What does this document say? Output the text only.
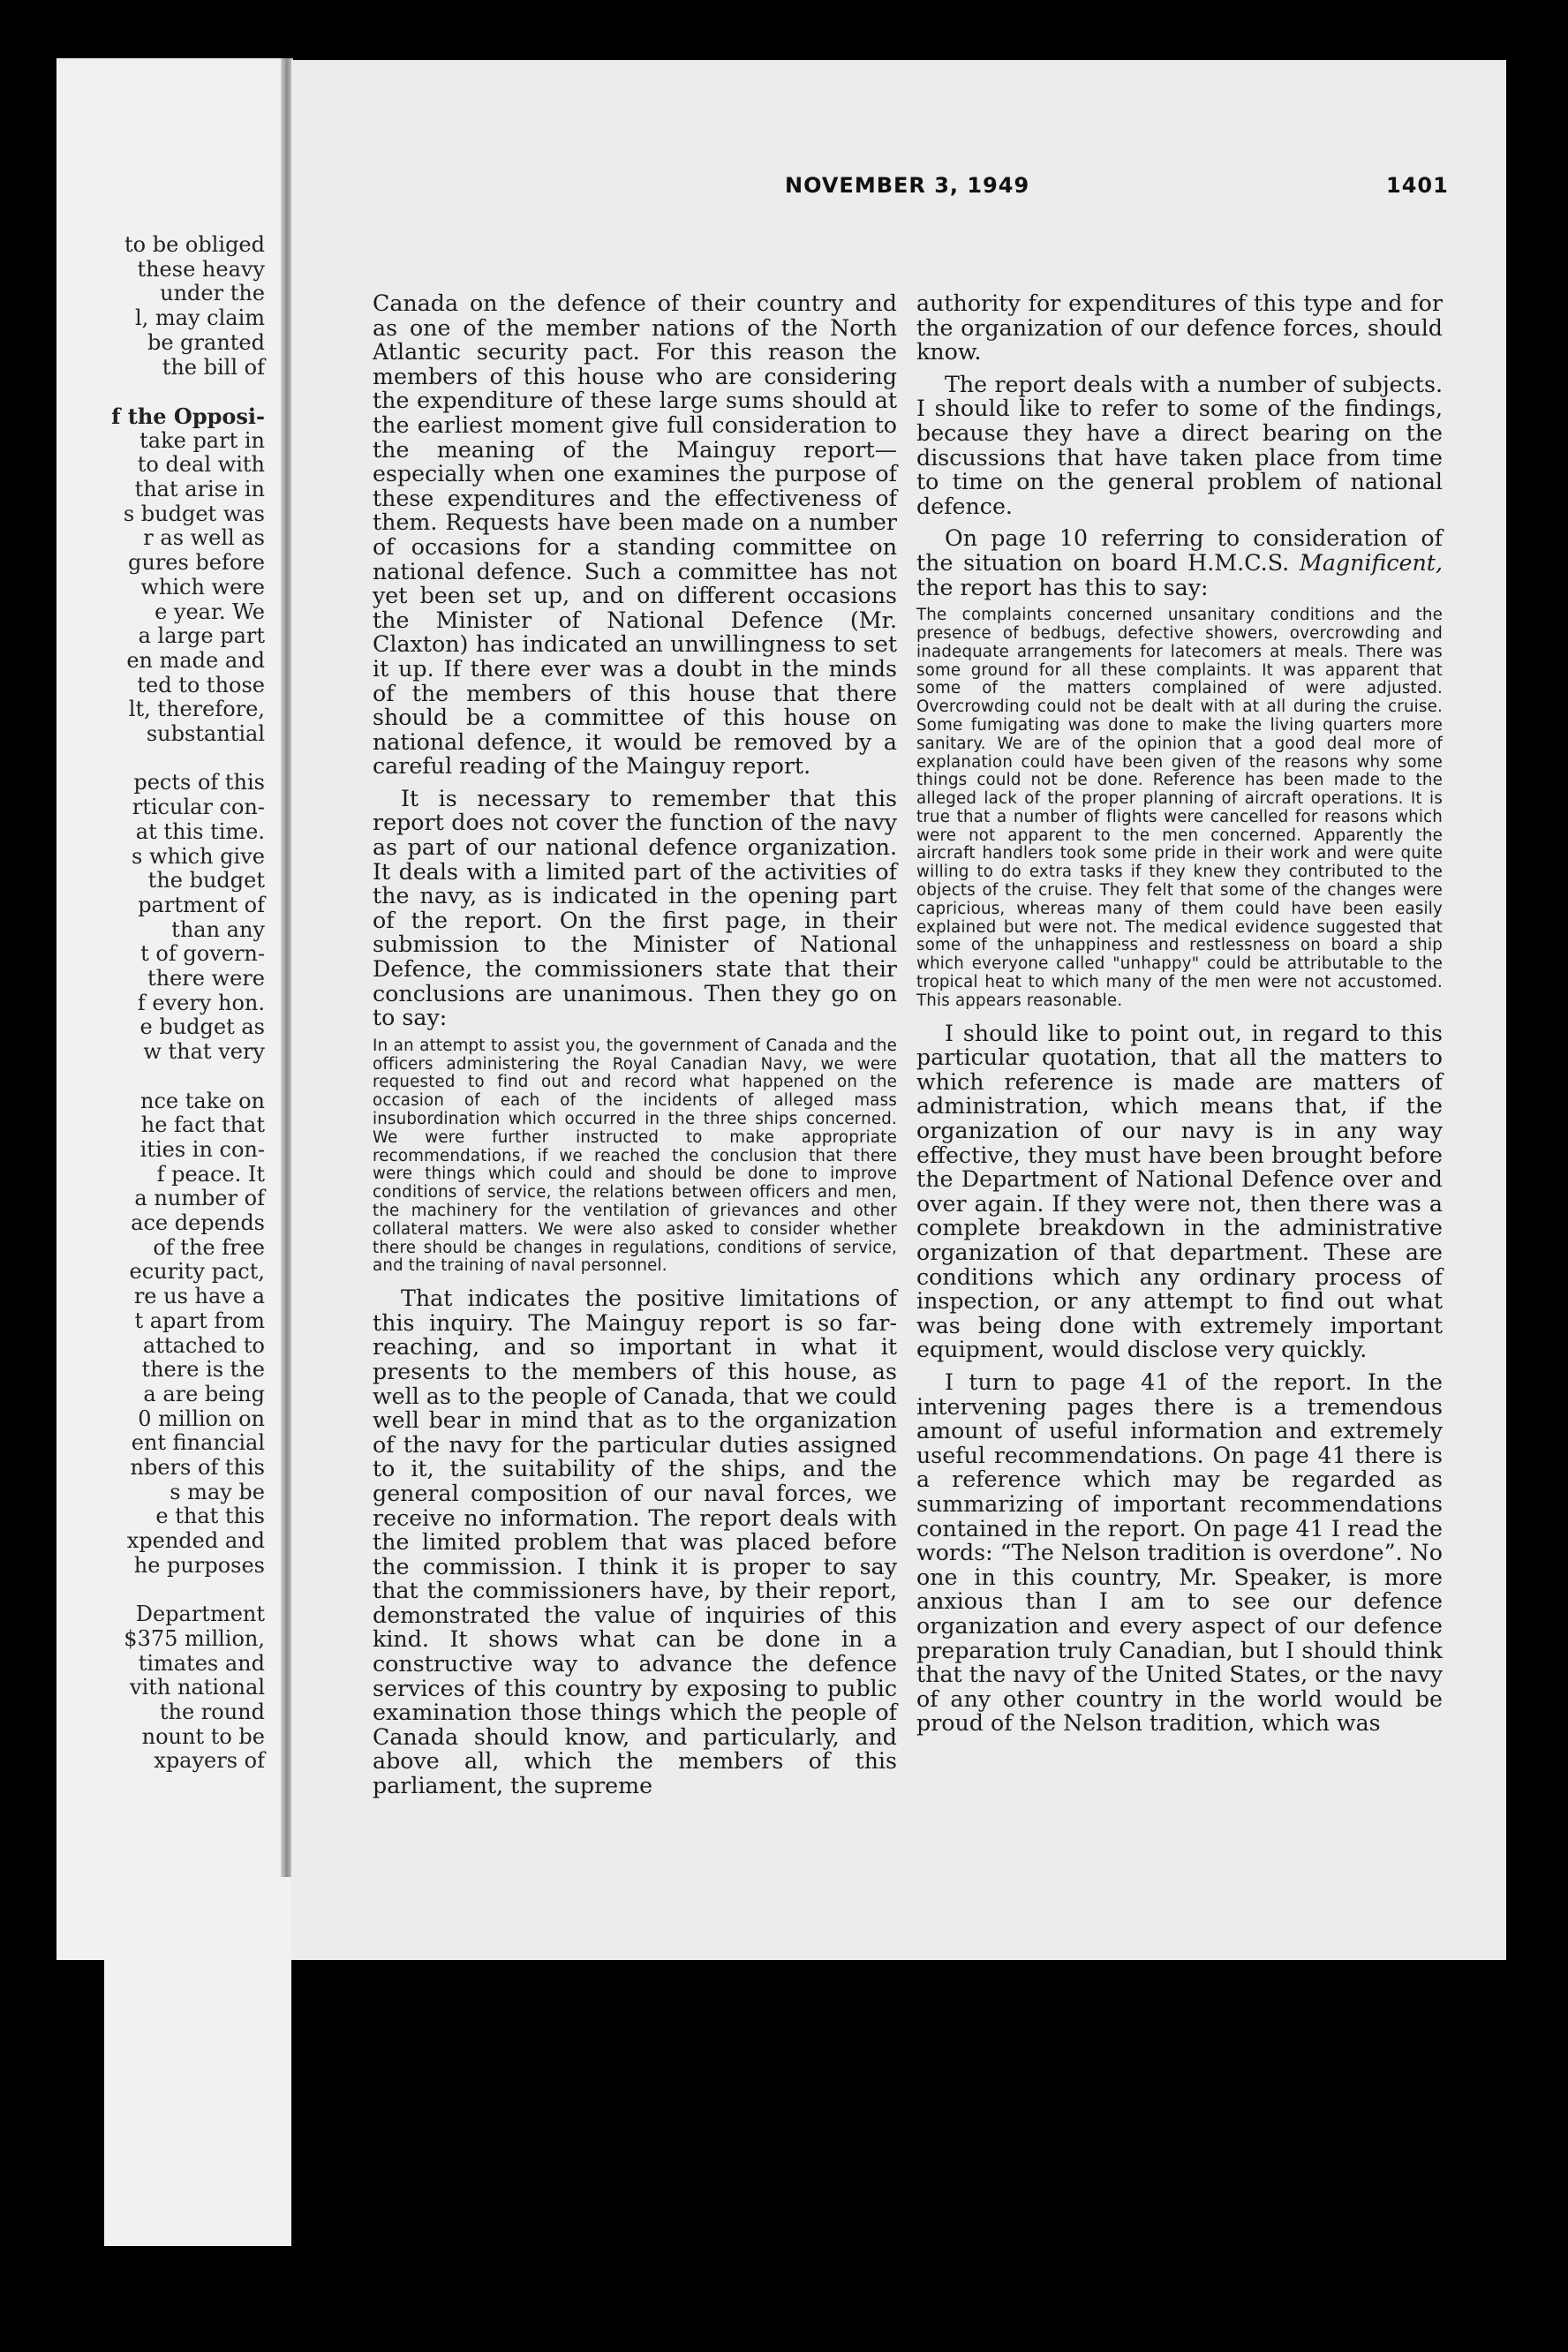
to be obliged
these heavy
under the
l, may claim
be granted
the bill of
f the Opposi-
take part in
to deal with
that arise in
s budget was
r as well as
gures before
which were
e year. We
a large part
en made and
ted to those
lt, therefore,
substantial
pects of this
rticular con-
at this time.
s which give
the budget
partment of
than any
t of govern-
there were
f every hon.
e budget as
w that very
nce take on
he fact that
ities in con-
f peace. It
a number of
ace depends
of the free
ecurity pact,
re us have a
t apart from
attached to
there is the
a are being
0 million on
ent financial
nbers of this
s may be
e that this
xpended and
he purposes
Department
$375 million,
timates and
vith national
the round
nount to be
xpayers of
NOVEMBER 3, 1949	1401

Canada on the defence of their country and as one of the member nations of the North Atlantic security pact. For this reason the members of this house who are considering the expenditure of these large sums should at the earliest moment give full consideration to the meaning of the Mainguy report—especially when one examines the purpose of these expenditures and the effectiveness of them. Requests have been made on a number of occasions for a standing committee on national defence. Such a committee has not yet been set up, and on different occasions the Minister of National Defence (Mr. Claxton) has indicated an unwillingness to set it up. If there ever was a doubt in the minds of the members of this house that there should be a committee of this house on national defence, it would be removed by a careful reading of the Mainguy report.

It is necessary to remember that this report does not cover the function of the navy as part of our national defence organization. It deals with a limited part of the activities of the navy, as is indicated in the opening part of the report. On the first page, in their submission to the Minister of National Defence, the commissioners state that their conclusions are unanimous. Then they go on to say:

In an attempt to assist you, the government of Canada and the officers administering the Royal Canadian Navy, we were requested to find out and record what happened on the occasion of each of the incidents of alleged mass insubordination which occurred in the three ships concerned. We were further instructed to make appropriate recommendations, if we reached the conclusion that there were things which could and should be done to improve conditions of service, the relations between officers and men, the machinery for the ventilation of grievances and other collateral matters. We were also asked to consider whether there should be changes in regulations, conditions of service, and the training of naval personnel.

That indicates the positive limitations of this inquiry. The Mainguy report is so far-reaching, and so important in what it presents to the members of this house, as well as to the people of Canada, that we could well bear in mind that as to the organization of the navy for the particular duties assigned to it, the suitability of the ships, and the general composition of our naval forces, we receive no information. The report deals with the limited problem that was placed before the commission. I think it is proper to say that the commissioners have, by their report, demonstrated the value of inquiries of this kind. It shows what can be done in a constructive way to advance the defence services of this country by exposing to public examination those things which the people of Canada should know, and particularly, and above all, which the members of this parliament, the supreme

authority for expenditures of this type and for the organization of our defence forces, should know.

The report deals with a number of subjects. I should like to refer to some of the findings, because they have a direct bearing on the discussions that have taken place from time to time on the general problem of national defence.

On page 10 referring to consideration of the situation on board H.M.C.S. Magnificent, the report has this to say:

The complaints concerned unsanitary conditions and the presence of bedbugs, defective showers, overcrowding and inadequate arrangements for latecomers at meals. There was some ground for all these complaints. It was apparent that some of the matters complained of were adjusted. Overcrowding could not be dealt with at all during the cruise. Some fumigating was done to make the living quarters more sanitary. We are of the opinion that a good deal more of explanation could have been given of the reasons why some things could not be done. Reference has been made to the alleged lack of the proper planning of aircraft operations. It is true that a number of flights were cancelled for reasons which were not apparent to the men concerned. Apparently the aircraft handlers took some pride in their work and were quite willing to do extra tasks if they knew they contributed to the objects of the cruise. They felt that some of the changes were capricious, whereas many of them could have been easily explained but were not. The medical evidence suggested that some of the unhappiness and restlessness on board a ship which everyone called "unhappy" could be attributable to the tropical heat to which many of the men were not accustomed. This appears reasonable.

I should like to point out, in regard to this particular quotation, that all the matters to which reference is made are matters of administration, which means that, if the organization of our navy is in any way effective, they must have been brought before the Department of National Defence over and over again. If they were not, then there was a complete breakdown in the administrative organization of that department. These are conditions which any ordinary process of inspection, or any attempt to find out what was being done with extremely important equipment, would disclose very quickly.

I turn to page 41 of the report. In the intervening pages there is a tremendous amount of useful information and extremely useful recommendations. On page 41 there is a reference which may be regarded as summarizing of important recommendations contained in the report. On page 41 I read the words: “The Nelson tradition is overdone”. No one in this country, Mr. Speaker, is more anxious than I am to see our defence organization and every aspect of our defence preparation truly Canadian, but I should think that the navy of the United States, or the navy of any other country in the world would be proud of the Nelson tradition, which was
